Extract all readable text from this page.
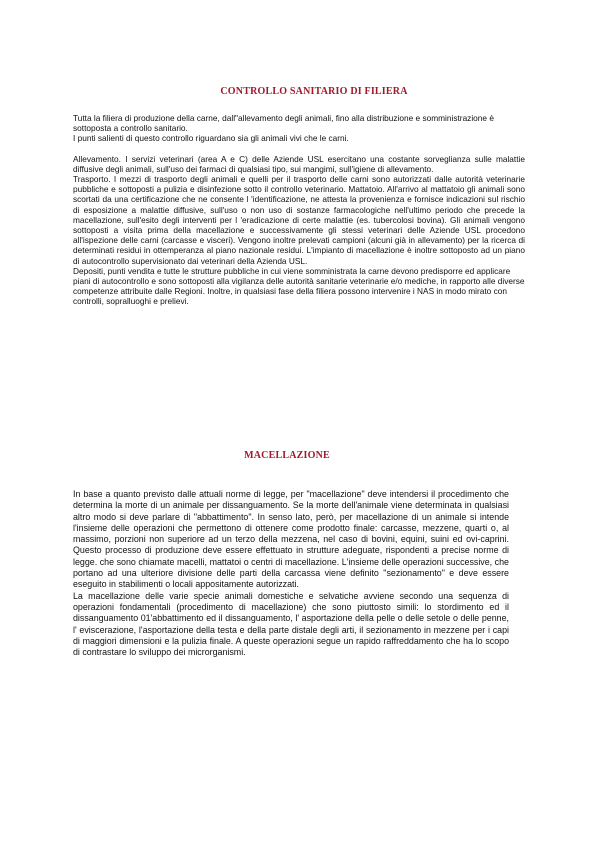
CONTROLLO SANITARIO DI FILIERA

Tutta la filiera di produzione della carne, dall"allevamento degli animali, fino alla distribuzione e somministrazione è sottoposta a controllo sanitario.

I punti salienti di questo controllo riguardano sia gli animali vivi che le carni.

Allevamento. I servizi veterinari (area A e C) delle Aziende USL esercitano una costante sorveglianza sulle malattie diffusive degli animali, sull'uso dei farmaci di qualsiasi tipo, sui mangimi, sull'igiene di allevamento.

Trasporto. I mezzi di trasporto degli animali e quelli per il trasporto delle carni sono autorizzati dalle autorità veterinarie pubbliche e sottoposti a pulizia e disinfezione sotto il controllo veterinario. Mattatoio. All'arrivo al mattatoio gli animali sono scortati da una certificazione che ne consente l 'identificazione, ne attesta la provenienza e fornisce indicazioni sul rischio di esposizione a malattie diffusive, sull'uso o non uso di sostanze farmacologiche nell'ultimo periodo che precede la macellazione, sull'esito degli interventi per l 'eradicazione di certe malattie (es. tubercolosi bovina). Gli animali vengono sottoposti a visita prima della macellazione e successivamente gli stessi veterinari delle Aziende USL procedono all'ispezione delle carni (carcasse e visceri). Vengono inoltre prelevati campioni (alcuni già in allevamento) per la ricerca di determinati residui in ottemperanza al piano nazionale residui. L'impianto di macellazione è inoltre sottoposto ad un piano di autocontrollo supervisionato dai veterinari della Azienda USL.

Depositi, punti vendita e tutte le strutture pubbliche in cui viene somministrata la carne devono predisporre ed applicare piani di autocontrollo e sono sottoposti alla vigilanza delle autorità sanitarie veterinarie e/o mediche, in rapporto alle diverse competenze attribuite dalle Regioni. Inoltre, in qualsiasi fase della filiera possono intervenire i NAS in modo mirato con controlli, sopralluoghi e prelievi.

MACELLAZIONE

In base a quanto previsto dalle attuali norme di legge, per "macellazione" deve intendersi il procedimento che determina la morte di un animale per dissanguamento. Se la morte dell'animale viene determinata in qualsiasi altro modo si deve parlare di "abbattimento". In senso lato, però, per macellazione di un animale si intende l'insieme delle operazioni che permettono di ottenere come prodotto finale: carcasse, mezzene, quarti o, al massimo, porzioni non superiore ad un terzo della mezzena, nel caso di bovini, equini, suini ed ovi-caprini. Questo processo di produzione deve essere effettuato in strutture adeguate, rispondenti a precise norme di legge. che sono chiamate macelli, mattatoi o centri di macellazione. L'insieme delle operazioni successive, che portano ad una ulteriore divisione delle parti della carcassa viene definito "sezionamento" e deve essere eseguito in stabilimenti o locali appositamente autorizzati.

La macellazione delle varie specie animali domestiche e selvatiche avviene secondo una sequenza di operazioni fondamentali (procedimento di macellazione) che sono piuttosto simili: lo stordimento ed il dissanguamento 01'abbattimento ed il dissanguamento, l' asportazione della pelle o delle setole o delle penne, l' eviscerazione, l'asportazione della testa e della parte distale degli arti, il sezionamento in mezzene per i capi di maggiori dimensioni e la pulizia finale. A queste operazioni segue un rapido raffreddamento che ha lo scopo di contrastare lo sviluppo dei microrganismi.
